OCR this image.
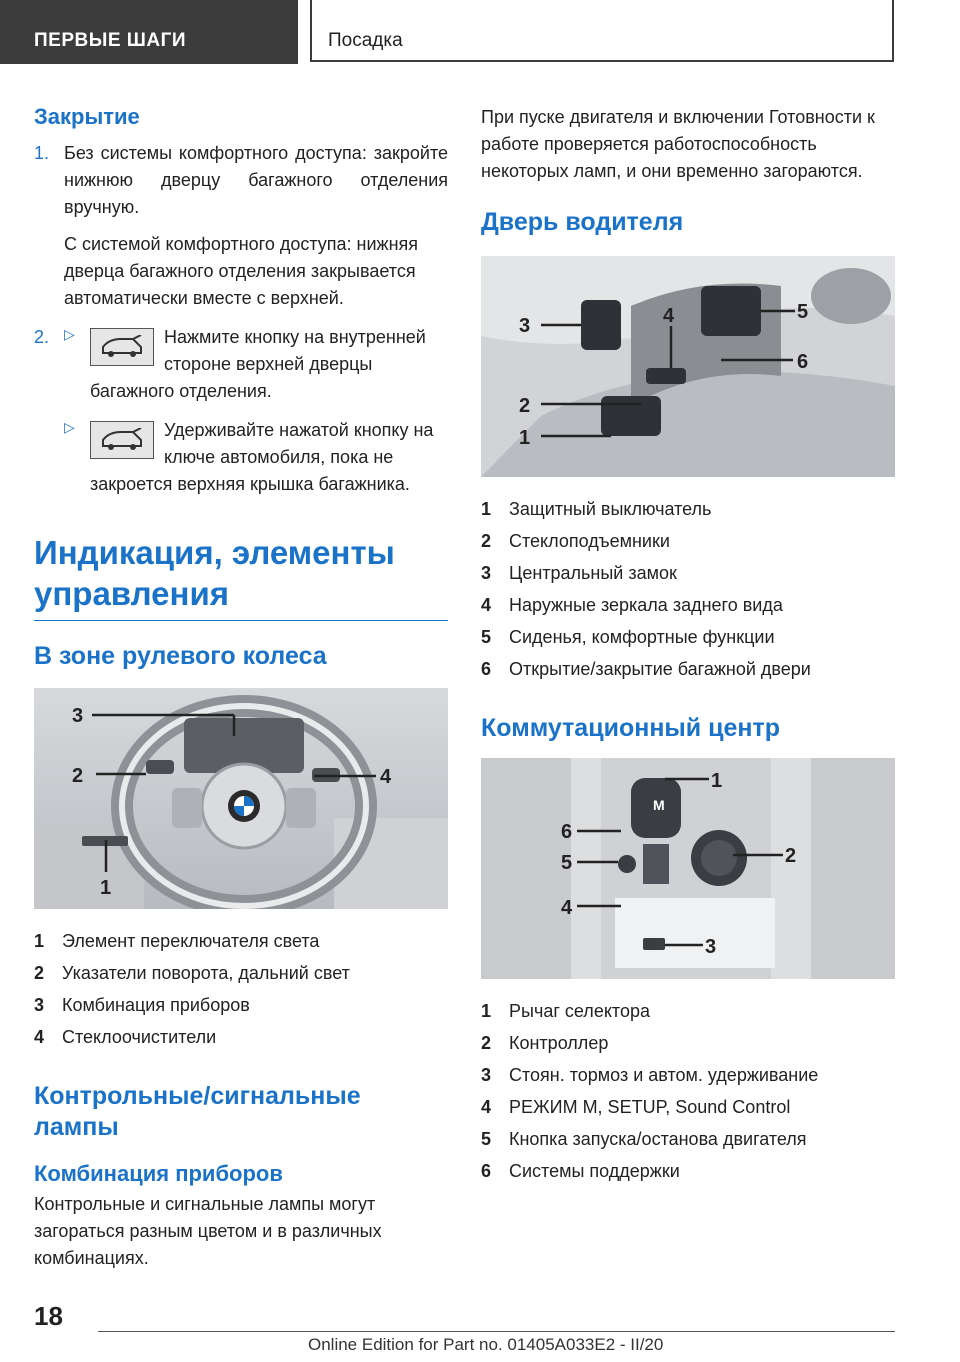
ПЕРВЫЕ ШАГИ	Посадка
Закрытие
1. Без системы комфортного доступа: закройте нижнюю дверцу багажного отделения вручную.

С системой комфортного доступа: нижняя дверца багажного отделения закрывается автоматически вместе с верхней.

2. ▷	Нажмите кнопку на внутренней стороне верхней дверцы багажного отделения.

▷	Удерживайте нажатой кнопку на ключе автомобиля, пока не закроется верхняя крышка багажника.

Индикация, элементы управления
В зоне рулевого колеса
3
2	4
1
1 Элемент переключателя света
2 Указатели поворота, дальний свет
3 Комбинация приборов
4 Стеклоочистители
Контрольные/сигнальные лампы
Комбинация приборов

Контрольные и сигнальные лампы могут загораться разным цветом и в различных комбинациях.

При пуске двигателя и включении Готовности к работе проверяется работоспособность некоторых ламп, и они временно загораются.

Дверь водителя
3	4	5
6
2
1
1 Защитный выключатель
2 Стеклоподъемники
3 Центральный замок
4 Наружные зеркала заднего вида
5 Сиденья, комфортные функции
6 Открытие/закрытие багажной двери
Коммутационный центр
M
1
6
5	2
4
3
1 Рычаг селектора
2 Контроллер
3 Стоян. тормоз и автом. удерживание
4 РЕЖИМ M, SETUP, Sound Control
5 Кнопка запуска/останова двигателя
6 Системы поддержки
18
Online Edition for Part no. 01405A033E2 - II/20
